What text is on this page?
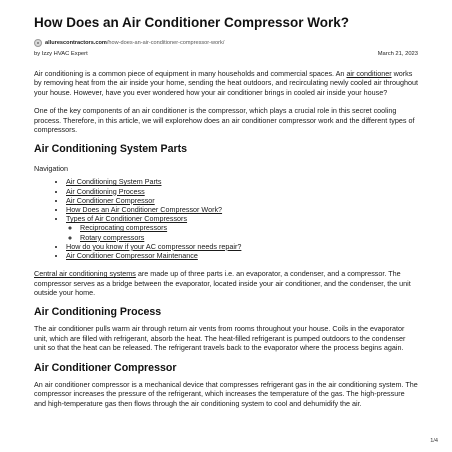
How Does an Air Conditioner Compressor Work?
allurescontractors.com /how-does-an-air-conditioner-compressor-work/
by Izzy HVAC Expert	March 21, 2023

Air conditioning is a common piece of equipment in many households and commercial spaces. An air conditioner works by removing heat from the air inside your home, sending the heat outdoors, and recirculating newly cooled air throughout your house. However, have you ever wondered how your air conditioner brings in cooled air inside your house?

One of the key components of an air conditioner is the compressor, which plays a crucial role in this secret cooling process. Therefore, in this article, we will explorehow does an air conditioner compressor work and the different types of compressors.

Air Conditioning System Parts
Navigation
• Air Conditioning System Parts
• Air Conditioning Process
• Air Conditioner Compressor
• How Does an Air Conditioner Compressor Work?
• Types of Air Conditioner Compressors
◦ Reciprocating compressors
◦ Rotary compressors
• How do you know if your AC compressor needs repair?
• Air Conditioner Compressor Maintenance

Central air conditioning systems are made up of three parts i.e. an evaporator, a condenser, and a compressor. The compressor serves as a bridge between the evaporator, located inside your air conditioner, and the condenser, the unit outside your home.

Air Conditioning Process

The air conditioner pulls warm air through return air vents from rooms throughout your house. Coils in the evaporator unit, which are filled with refrigerant, absorb the heat. The heat-filled refrigerant is pumped outdoors to the condenser unit so that the heat can be released. The refrigerant travels back to the evaporator where the process begins again.

Air Conditioner Compressor

An air conditioner compressor is a mechanical device that compresses refrigerant gas in the air conditioning system. The compressor increases the pressure of the refrigerant, which increases the temperature of the gas. The high-pressure and high-temperature gas then flows through the air conditioning system to cool and dehumidify the air.

1/4
